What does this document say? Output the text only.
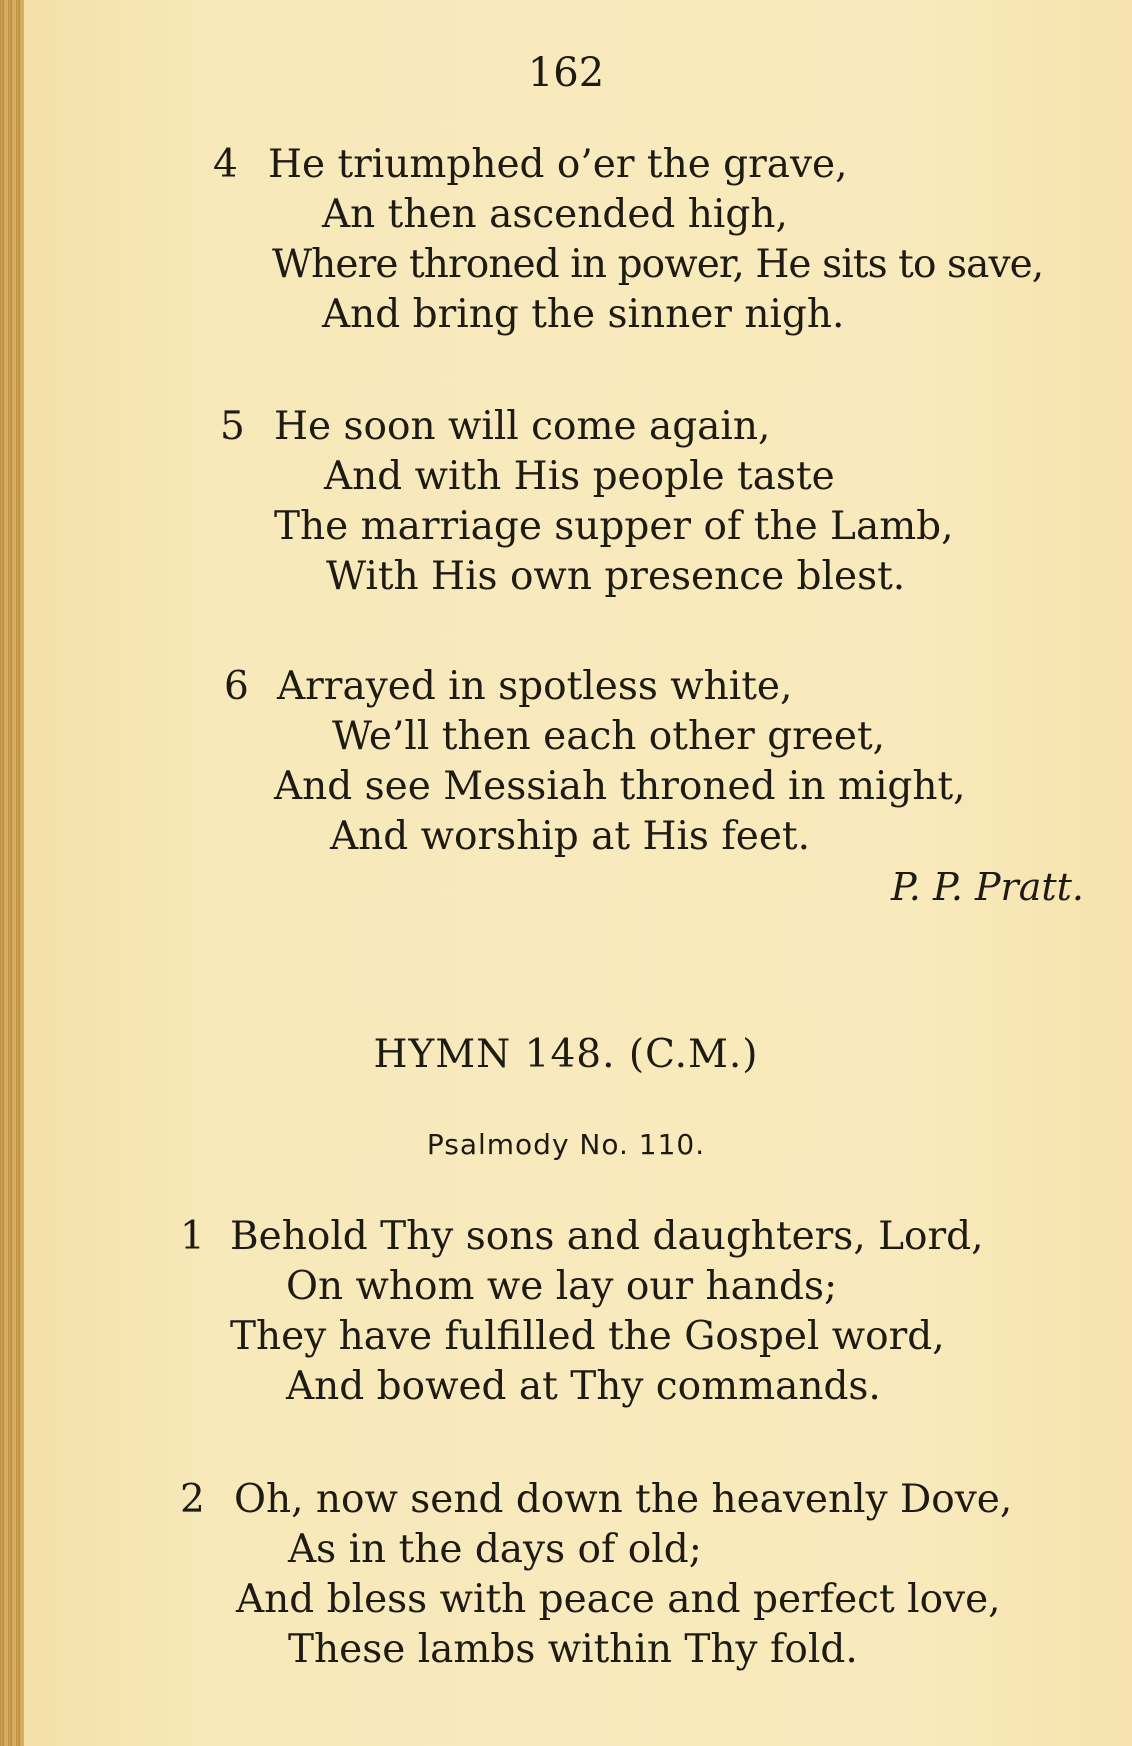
162
4 He triumphed o’er the grave,
An then ascended high,
Where throned in power, He sits to save,
And bring the sinner nigh.
5 He soon will come again,
And with His people taste
The marriage supper of the Lamb,
With His own presence blest.
6 Arrayed in spotless white,
We’ll then each other greet,
And see Messiah throned in might,
And worship at His feet.
P. P. Pratt.
HYMN 148. (C.M.)
Psalmody No. 110.
1 Behold Thy sons and daughters, Lord,
On whom we lay our hands;
They have fulfilled the Gospel word,
And bowed at Thy commands.
2 Oh, now send down the heavenly Dove,
As in the days of old;
And bless with peace and perfect love,
These lambs within Thy fold.
